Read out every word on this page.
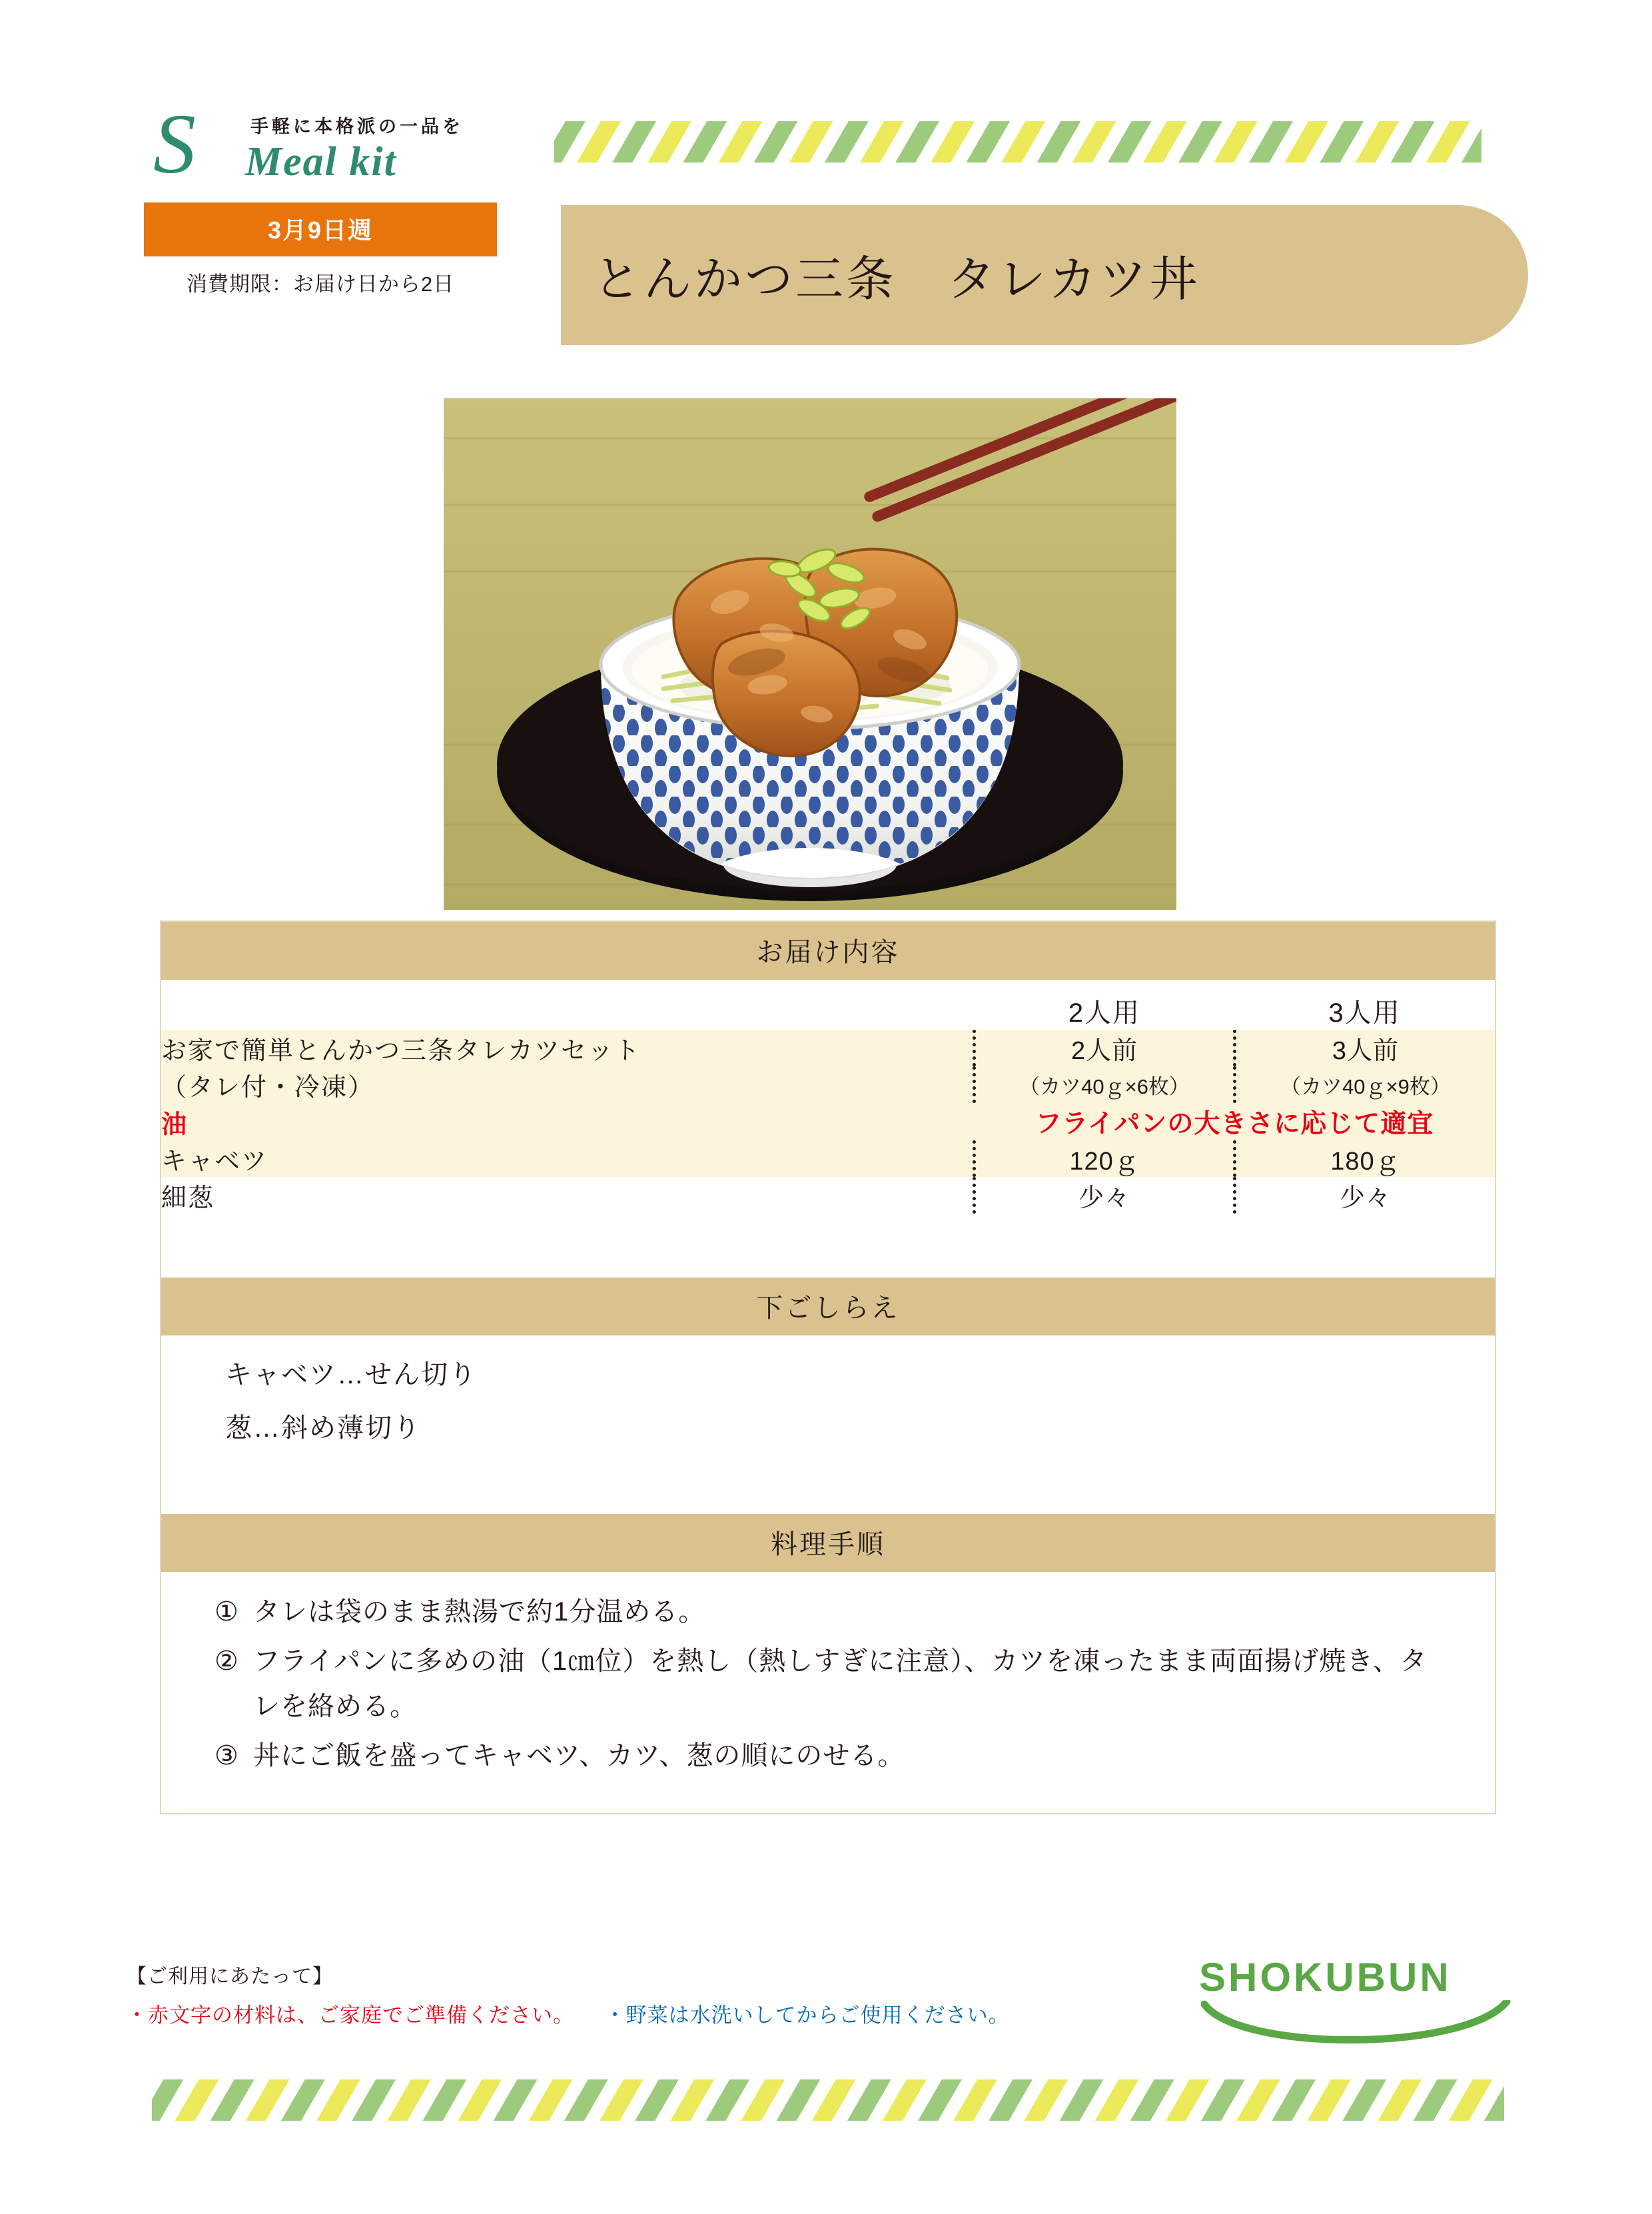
S	手軽に本格派の一品を
Meal kit
3月9日週
消費期限：お届け日から2日	とんかつ三条　タレカツ丼
お届け内容

	2人用	3人用
お家で簡単とんかつ三条タレカツセット	2人前	3人前
（タレ付・冷凍）	（カツ40ｇ×6枚）	（カツ40ｇ×9枚）
油	フライパンの大きさに応じて適宜	
キャベツ	120ｇ	180ｇ
細葱	少々	少々

下ごしらえ
キャベツ…せん切り
葱…斜め薄切り
料理手順
① タレは袋のまま熱湯で約1分温める。
② フライパンに多めの油（1㎝位）を熱し（熱しすぎに注意）、カツを凍ったまま両面揚げ焼き、タレを絡める。
③ 丼にご飯を盛ってキャベツ、カツ、葱の順にのせる。
【ご利用にあたって】
・赤文字の材料は、ご家庭でご準備ください。 ・野菜は水洗いしてからご使用ください。
SHOKUBUN
